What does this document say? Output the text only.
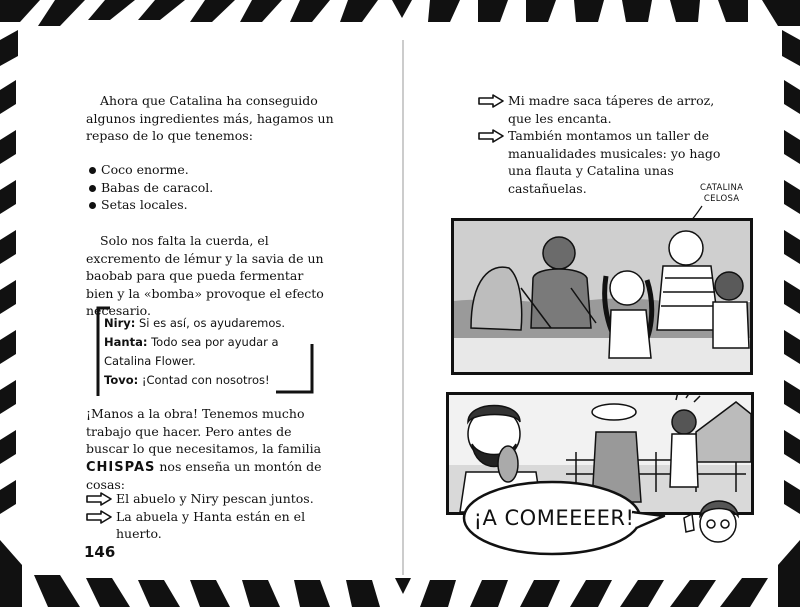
Ahora que Catalina ha conseguido algunos ingredientes más, hagamos un repaso de lo que tenemos:

Coco enorme.
Babas de caracol.
Setas locales.

Solo nos falta la cuerda, el excremento de lémur y la savia de un baobab para que pueda fermentar bien y la «bomba» provoque el efecto necesario.

Niry: Si es así, os ayudaremos.
Hanta: Todo sea por ayudar a Catalina Flower.
Tovo: ¡Contad con nosotros!

¡Manos a la obra! Tenemos mucho trabajo que hacer. Pero antes de buscar lo que necesitamos, la familia CHISPAS nos enseña un montón de cosas:

El abuelo y Niry pescan juntos.
La abuela y Hanta están en el huerto.
146
Mi madre saca táperes de arroz, que les encanta.
También montamos un taller de manualidades musicales: yo hago una flauta y Catalina unas castañuelas.	CATALINA
CELOSA
¡A COMEEEER!
